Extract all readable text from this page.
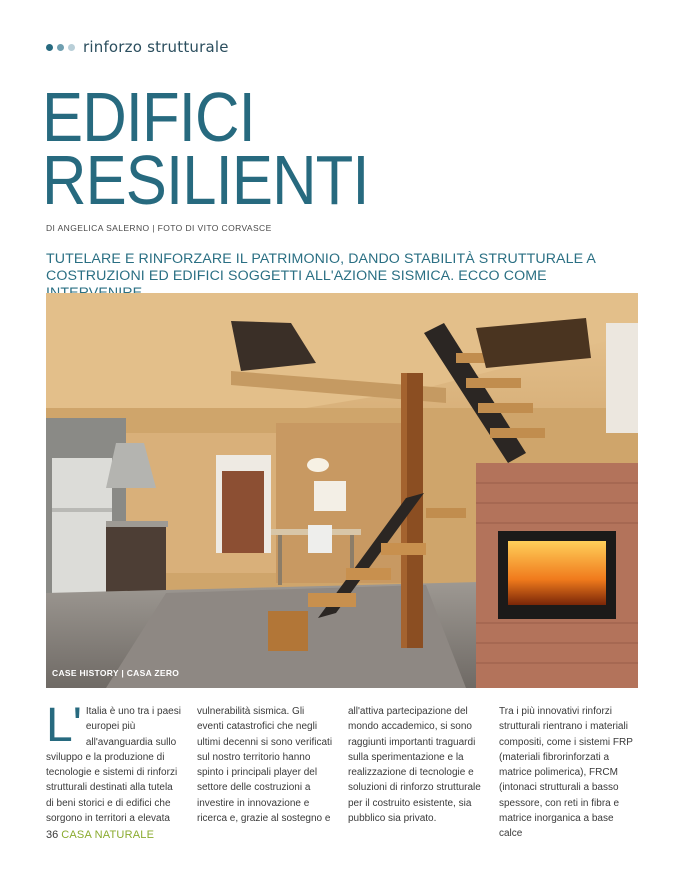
rinforzo strutturale
EDIFICI
RESILIENTI
DI ANGELICA SALERNO | FOTO DI VITO CORVASCE
TUTELARE E RINFORZARE IL PATRIMONIO, DANDO STABILITÀ STRUTTURALE A COSTRUZIONI ED EDIFICI SOGGETTI ALL'AZIONE SISMICA. ECCO COME
CASE HISTORY | CASA ZERO
L' Italia è uno tra i paesi europei più all'avanguardia sullo sviluppo e la produzione di tecnologie e sistemi di rinforzi strutturali destinati alla tutela di beni storici e di edifici che sorgono in territori a elevata
vulnerabilità sismica. Gli eventi catastrofici che negli ultimi decenni si sono verificati sul nostro territorio hanno spinto i principali player del settore delle costruzioni a investire in innovazione e ricerca e, grazie al sostegno e
all'attiva partecipazione del mondo accademico, si sono raggiunti importanti traguardi sulla sperimentazione e la realizzazione di tecnologie e soluzioni di rinforzo strutturale per il costruito esistente, sia pubblico sia privato.
Tra i più innovativi rinforzi strutturali rientrano i materiali compositi, come i sistemi FRP (materiali fibrorinforzati a matrice polimerica), FRCM (intonaci strutturali a basso spessore, con reti in fibra e matrice inorganica a base calce
36 CASA NATURALE
